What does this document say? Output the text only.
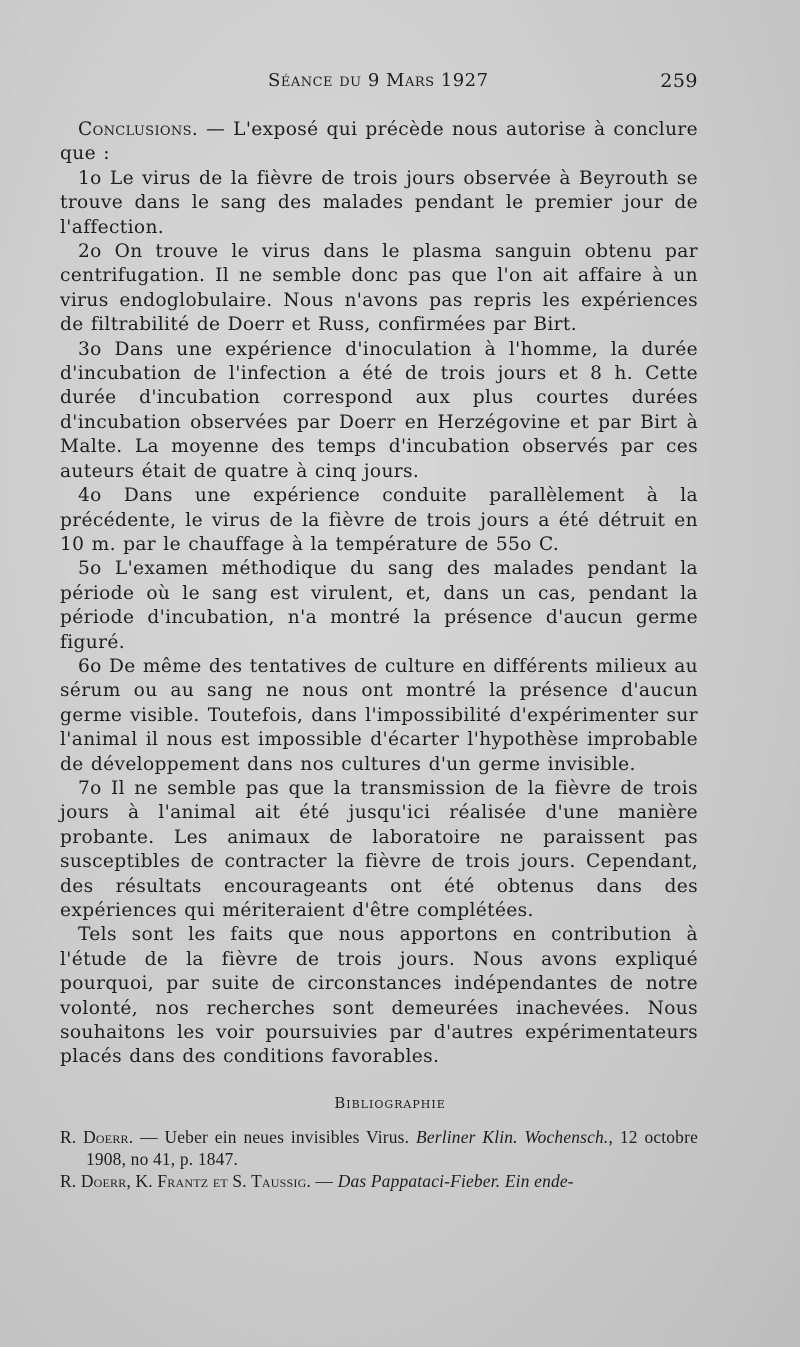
Séance du 9 Mars 1927	259

Conclusions. — L'exposé qui précède nous autorise à conclure que :

1o Le virus de la fièvre de trois jours observée à Beyrouth se trouve dans le sang des malades pendant le premier jour de l'affection.

2o On trouve le virus dans le plasma sanguin obtenu par centrifugation. Il ne semble donc pas que l'on ait affaire à un virus endoglobulaire. Nous n'avons pas repris les expériences de filtrabilité de Doerr et Russ, confirmées par Birt.

3o Dans une expérience d'inoculation à l'homme, la durée d'incubation de l'infection a été de trois jours et 8 h. Cette durée d'incubation correspond aux plus courtes durées d'incubation observées par Doerr en Herzégovine et par Birt à Malte. La moyenne des temps d'incubation observés par ces auteurs était de quatre à cinq jours.

4o Dans une expérience conduite parallèlement à la précédente, le virus de la fièvre de trois jours a été détruit en 10 m. par le chauffage à la température de 55o C.

5o L'examen méthodique du sang des malades pendant la période où le sang est virulent, et, dans un cas, pendant la période d'incubation, n'a montré la présence d'aucun germe figuré.

6o De même des tentatives de culture en différents milieux au sérum ou au sang ne nous ont montré la présence d'aucun germe visible. Toutefois, dans l'impossibilité d'expérimenter sur l'animal il nous est impossible d'écarter l'hypothèse improbable de développement dans nos cultures d'un germe invisible.

7o Il ne semble pas que la transmission de la fièvre de trois jours à l'animal ait été jusqu'ici réalisée d'une manière probante. Les animaux de laboratoire ne paraissent pas susceptibles de contracter la fièvre de trois jours. Cependant, des résultats encourageants ont été obtenus dans des expériences qui mériteraient d'être complétées.

Tels sont les faits que nous apportons en contribution à l'étude de la fièvre de trois jours. Nous avons expliqué pourquoi, par suite de circonstances indépendantes de notre volonté, nos recherches sont demeurées inachevées. Nous souhaitons les voir poursuivies par d'autres expérimentateurs placés dans des conditions favorables.

Bibliographie

R. Doerr. — Ueber ein neues invisibles Virus. Berliner Klin. Wochensch., 12 octobre 1908, no 41, p. 1847.

R. Doerr, K. Frantz et S. Taussig. — Das Pappataci-Fieber. Ein ende-
